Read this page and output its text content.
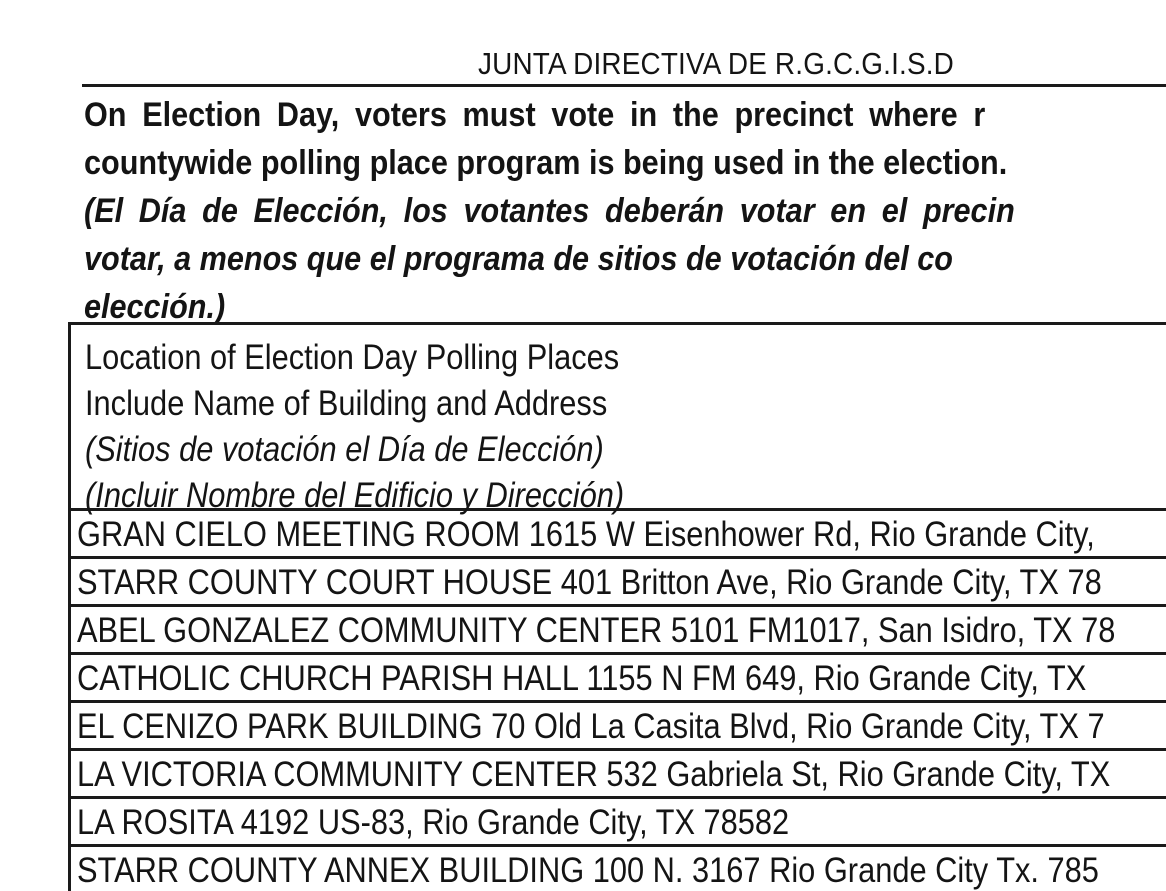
JUNTA DIRECTIVA DE R.G.C.G.I.S.D
On Election Day, voters must vote in the precinct where r
countywide polling place program is being used in the election.
(El Día de Elección, los votantes deberán votar en el precin
votar, a menos que el programa de sitios de votación del co
elección.)
Location of Election Day Polling Places
Include Name of Building and Address
(Sitios de votación el Día de Elección)
(Incluir Nombre del Edificio y Dirección)
GRAN CIELO MEETING ROOM 1615 W Eisenhower Rd, Rio Grande City,
STARR COUNTY COURT HOUSE 401 Britton Ave, Rio Grande City, TX 78
ABEL GONZALEZ COMMUNITY CENTER 5101 FM1017, San Isidro, TX 78
CATHOLIC CHURCH PARISH HALL 1155 N FM 649, Rio Grande City, TX
EL CENIZO PARK BUILDING 70 Old La Casita Blvd, Rio Grande City, TX 7
LA VICTORIA COMMUNITY CENTER 532 Gabriela St, Rio Grande City, TX
LA ROSITA 4192 US-83, Rio Grande City, TX 78582
STARR COUNTY ANNEX BUILDING 100 N. 3167 Rio Grande City Tx. 785
